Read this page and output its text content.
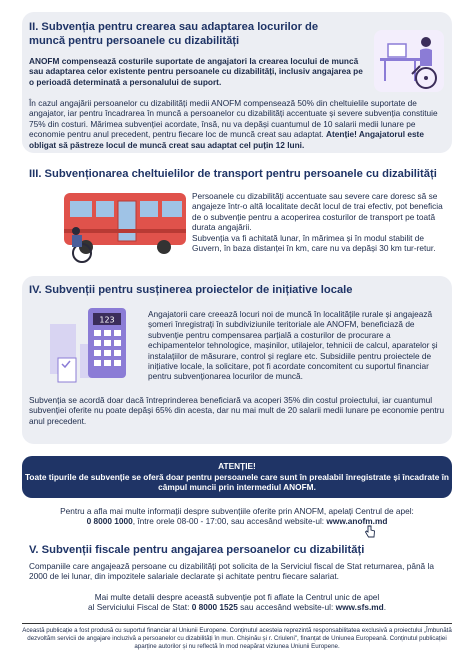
II. Subvenția pentru crearea sau adaptarea locurilor de muncă pentru persoanele cu dizabilități
ANOFM compensează costurile suportate de angajatori la crearea locului de muncă sau adaptarea celor existente pentru persoanele cu dizabilități, inclusiv angajarea pe o perioadă determinată a personalului de suport.
În cazul angajării persoanelor cu dizabilități medii ANOFM compensează 50% din cheltuielile suportate de angajator, iar pentru încadrarea în muncă a persoanelor cu dizabilități accentuate și severe subvenția constituie 75% din costuri. Mărimea subvenției acordate, însă, nu va depăși cuantumul de 10 salarii medii lunare pe economie pentru anul precedent, pentru fiecare loc de muncă creat sau adaptat. Atenție! Angajatorul este obligat să păstreze locul de muncă creat sau adaptat cel puțin 12 luni.
III. Subvenționarea cheltuielilor de transport pentru persoanele cu dizabilități
Persoanele cu dizabilități accentuate sau severe care doresc să se angajeze într-o altă localitate decât locul de trai efectiv, pot beneficia de o subvenție pentru a acoperirea costurilor de transport pe toată durata angajării.
Subvenția va fi achitată lunar, în mărimea și în modul stabilit de Guvern, în baza distanței în km, care nu va depăși 30 km tur-retur.
IV. Subvenții pentru susținerea proiectelor de inițiative locale
123
Angajatorii care creează locuri noi de muncă în localitățile rurale și angajează șomeri înregistrați în subdiviziunile teritoriale ale ANOFM, beneficiază de subvenție pentru compensarea parțială a costurilor de procurare a echipamentelor tehnologice, mașinilor, utilajelor, tehnicii de calcul, aparatelor și instalațiilor de măsurare, control și reglare etc. Subsidiile pentru proiectele de inițiative locale, la solicitare, pot fi acordate concomitent cu suportul financiar pentru subvenționarea locurilor de muncă.
Subvenția se acordă doar dacă întreprinderea beneficiară va acoperi 35% din costul proiectului, iar cuantumul subvenției oferite nu poate depăși 65% din acesta, dar nu mai mult de 20 salarii medii lunare pe economie pentru anul precedent.
ATENȚIE!
Toate tipurile de subvenție se oferă doar pentru persoanele care sunt în prealabil înregistrate și încadrate în câmpul muncii prin intermediul ANOFM.
Pentru a afla mai multe informații despre subvențiile oferite prin ANOFM, apelați Centrul de apel:
0 8000 1000, între orele 08-00 - 17:00, sau accesând website-ul: www.anofm.md
V. Subvenții fiscale pentru angajarea persoanelor cu dizabilități
Companiile care angajează persoane cu dizabilități pot solicita de la Serviciul fiscal de Stat returnarea, până la 2000 de lei lunar, din impozitele salariale declarate și achitate pentru fiecare salariat.
Mai multe detalii despre această subvenție pot fi aflate la Centrul unic de apel
al Serviciului Fiscal de Stat: 0 8000 1525 sau accesând website-ul: www.sfs.md.
Această publicație a fost produsă cu suportul financiar al Uniunii Europene. Conținutul acesteia reprezintă responsabilitatea exclusivă a proiectului „Îmbunătă dezvoltăm servicii de angajare incluzivă a persoanelor cu dizabilități în mun. Chișinău și r. Criuleni", finanțat de Uniunea Europeană. Conținutul publicației aparține autorilor și nu reflectă în mod neapărat viziunea Uniunii Europene.
